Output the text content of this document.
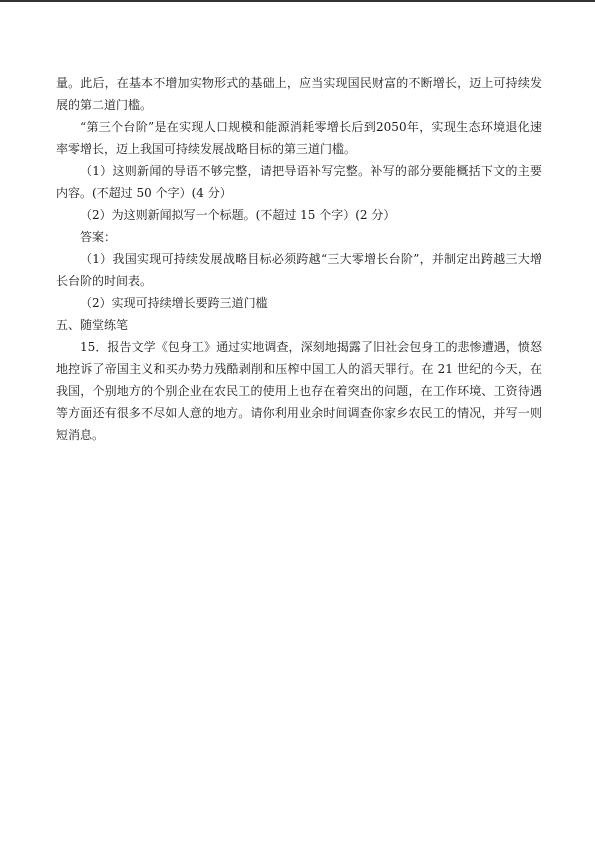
量。此后，在基本不增加实物形式的基础上，应当实现国民财富的不断增长，迈上可持续发展的第二道门槛。

“第三个台阶”是在实现人口规模和能源消耗零增长后到2050年，实现生态环境退化速率零增长，迈上我国可持续发展战略目标的第三道门槛。

（1）这则新闻的导语不够完整，请把导语补写完整。补写的部分要能概括下文的主要内容。(不超过 50 个字）(4 分）

（2）为这则新闻拟写一个标题。(不超过 15 个字）(2 分）

答案：

（1）我国实现可持续发展战略目标必须跨越“三大零增长台阶”，并制定出跨越三大增长台阶的时间表。

（2）实现可持续增长要跨三道门槛

五、随堂练笔

15．报告文学《包身工》通过实地调查，深刻地揭露了旧社会包身工的悲惨遭遇，愤怒地控诉了帝国主义和买办势力残酷剥削和压榨中国工人的滔天罪行。在 21 世纪的今天，在我国，个别地方的个别企业在农民工的使用上也存在着突出的问题，在工作环境、工资待遇等方面还有很多不尽如人意的地方。请你利用业余时间调查你家乡农民工的情况，并写一则短消息。
